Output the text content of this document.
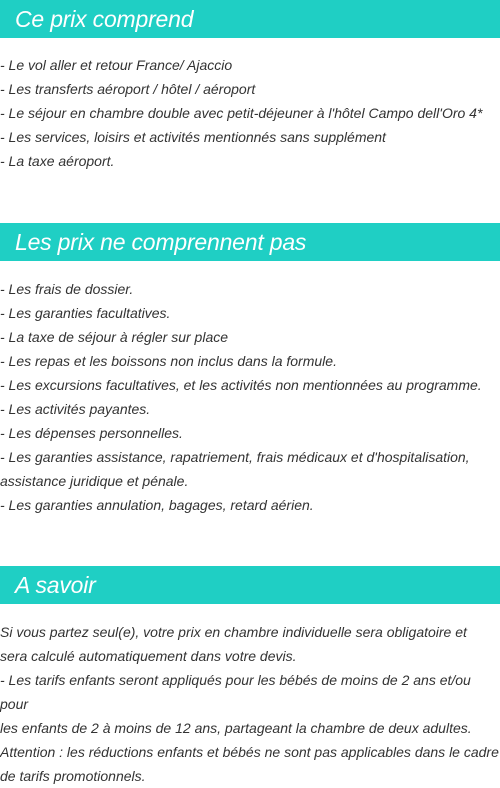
Ce prix comprend
- Le vol aller et retour France/ Ajaccio
- Les transferts aéroport / hôtel / aéroport
- Le séjour en chambre double avec petit-déjeuner à l'hôtel Campo dell'Oro 4*
- Les services, loisirs et activités mentionnés sans supplément
- La taxe aéroport.
Les prix ne comprennent pas
- Les frais de dossier.
- Les garanties facultatives.
- La taxe de séjour à régler sur place
- Les repas et les boissons non inclus dans la formule.
- Les excursions facultatives, et les activités non mentionnées au programme.
- Les activités payantes.
- Les dépenses personnelles.
- Les garanties assistance, rapatriement, frais médicaux et d'hospitalisation,
assistance juridique et pénale.
- Les garanties annulation, bagages, retard aérien.
A savoir
Si vous partez seul(e), votre prix en chambre individuelle sera obligatoire et
sera calculé automatiquement dans votre devis.
- Les tarifs enfants seront appliqués pour les bébés de moins de 2 ans et/ou pour
les enfants de 2 à moins de 12 ans, partageant la chambre de deux adultes.
Attention : les réductions enfants et bébés ne sont pas applicables dans le cadre
de tarifs promotionnels.
